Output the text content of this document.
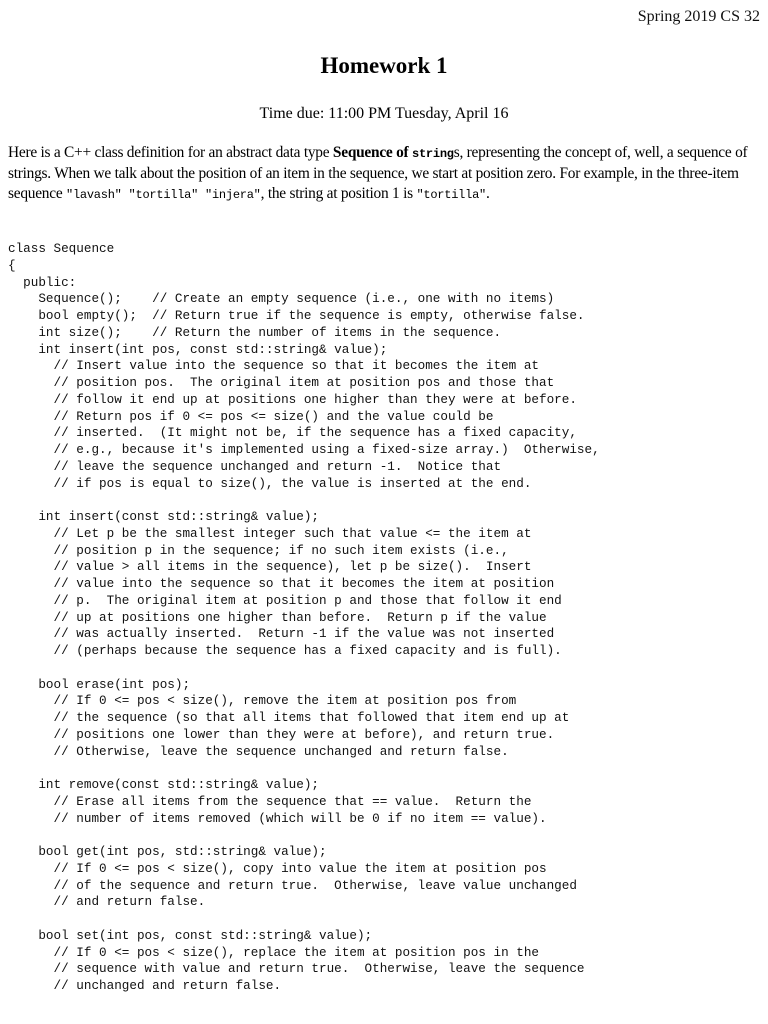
Spring 2019 CS 32
Homework 1
Time due: 11:00 PM Tuesday, April 16

Here is a C++ class definition for an abstract data type Sequence of strings, representing the concept of, well, a sequence of strings. When we talk about the position of an item in the sequence, we start at position zero. For example, in the three-item sequence "lavash" "tortilla" "injera", the string at position 1 is "tortilla".

class Sequence
{
public:
Sequence();    // Create an empty sequence (i.e., one with no items)
bool empty();  // Return true if the sequence is empty, otherwise false.
int size();    // Return the number of items in the sequence.
int insert(int pos, const std::string& value);
// Insert value into the sequence so that it becomes the item at
// position pos.  The original item at position pos and those that
// follow it end up at positions one higher than they were at before.
// Return pos if 0 <= pos <= size() and the value could be
// inserted.  (It might not be, if the sequence has a fixed capacity,
// e.g., because it's implemented using a fixed-size array.)  Otherwise,
// leave the sequence unchanged and return -1.  Notice that
// if pos is equal to size(), the value is inserted at the end.
int insert(const std::string& value);
// Let p be the smallest integer such that value <= the item at
// position p in the sequence; if no such item exists (i.e.,
// value > all items in the sequence), let p be size().  Insert
// value into the sequence so that it becomes the item at position
// p.  The original item at position p and those that follow it end
// up at positions one higher than before.  Return p if the value
// was actually inserted.  Return -1 if the value was not inserted
// (perhaps because the sequence has a fixed capacity and is full).
bool erase(int pos);
// If 0 <= pos < size(), remove the item at position pos from
// the sequence (so that all items that followed that item end up at
// positions one lower than they were at before), and return true.
// Otherwise, leave the sequence unchanged and return false.
int remove(const std::string& value);
// Erase all items from the sequence that == value.  Return the
// number of items removed (which will be 0 if no item == value).
bool get(int pos, std::string& value);
// If 0 <= pos < size(), copy into value the item at position pos
// of the sequence and return true.  Otherwise, leave value unchanged
// and return false.
bool set(int pos, const std::string& value);
// If 0 <= pos < size(), replace the item at position pos in the
// sequence with value and return true.  Otherwise, leave the sequence
// unchanged and return false.
